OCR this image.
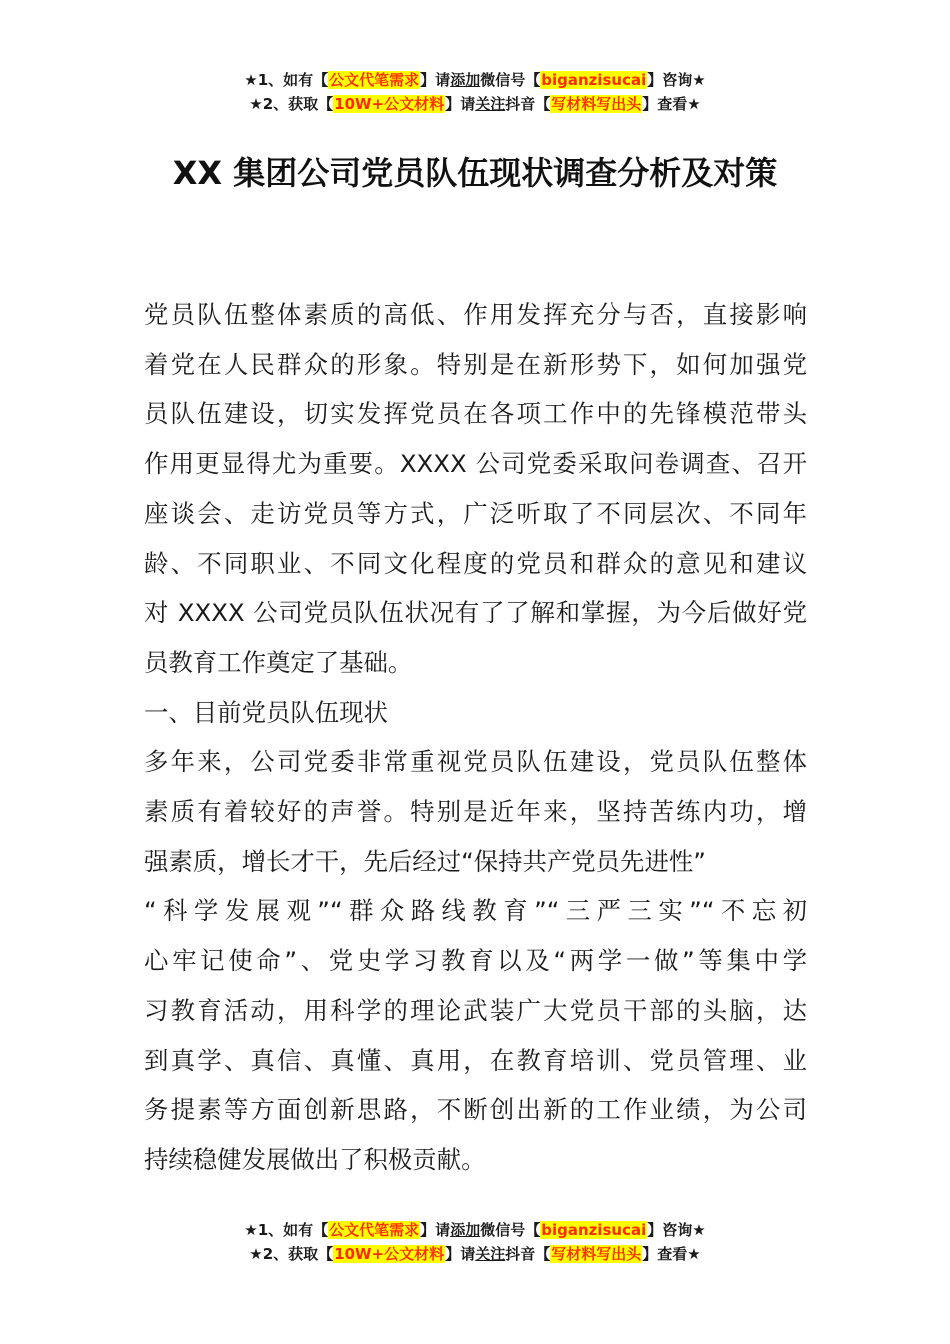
★1、如有【公文代笔需求】请添加微信号【biganzisucai】咨询★
★2、获取【10W+公文材料】请关注抖音【写材料写出头】查看★
XX 集团公司党员队伍现状调查分析及对策
党员队伍整体素质的高低、作用发挥充分与否，直接影响
着党在人民群众的形象。特别是在新形势下，如何加强党
员队伍建设，切实发挥党员在各项工作中的先锋模范带头
作用更显得尤为重要。XXXX 公司党委采取问卷调查、召开
座谈会、走访党员等方式，广泛听取了不同层次、不同年
龄、不同职业、不同文化程度的党员和群众的意见和建议
对 XXXX 公司党员队伍状况有了了解和掌握，为今后做好党
员教育工作奠定了基础。
一、目前党员队伍现状
多年来，公司党委非常重视党员队伍建设，党员队伍整体
素质有着较好的声誉。特别是近年来，坚持苦练内功，增
强素质，增长才干，先后经过“保持共产党员先进性”
“科学发展观”“群众路线教育”“三严三实”“不忘初
心牢记使命”、党史学习教育以及“两学一做”等集中学
习教育活动，用科学的理论武装广大党员干部的头脑，达
到真学、真信、真懂、真用，在教育培训、党员管理、业
务提素等方面创新思路，不断创出新的工作业绩，为公司
持续稳健发展做出了积极贡献。
★1、如有【公文代笔需求】请添加微信号【biganzisucai】咨询★
★2、获取【10W+公文材料】请关注抖音【写材料写出头】查看★
